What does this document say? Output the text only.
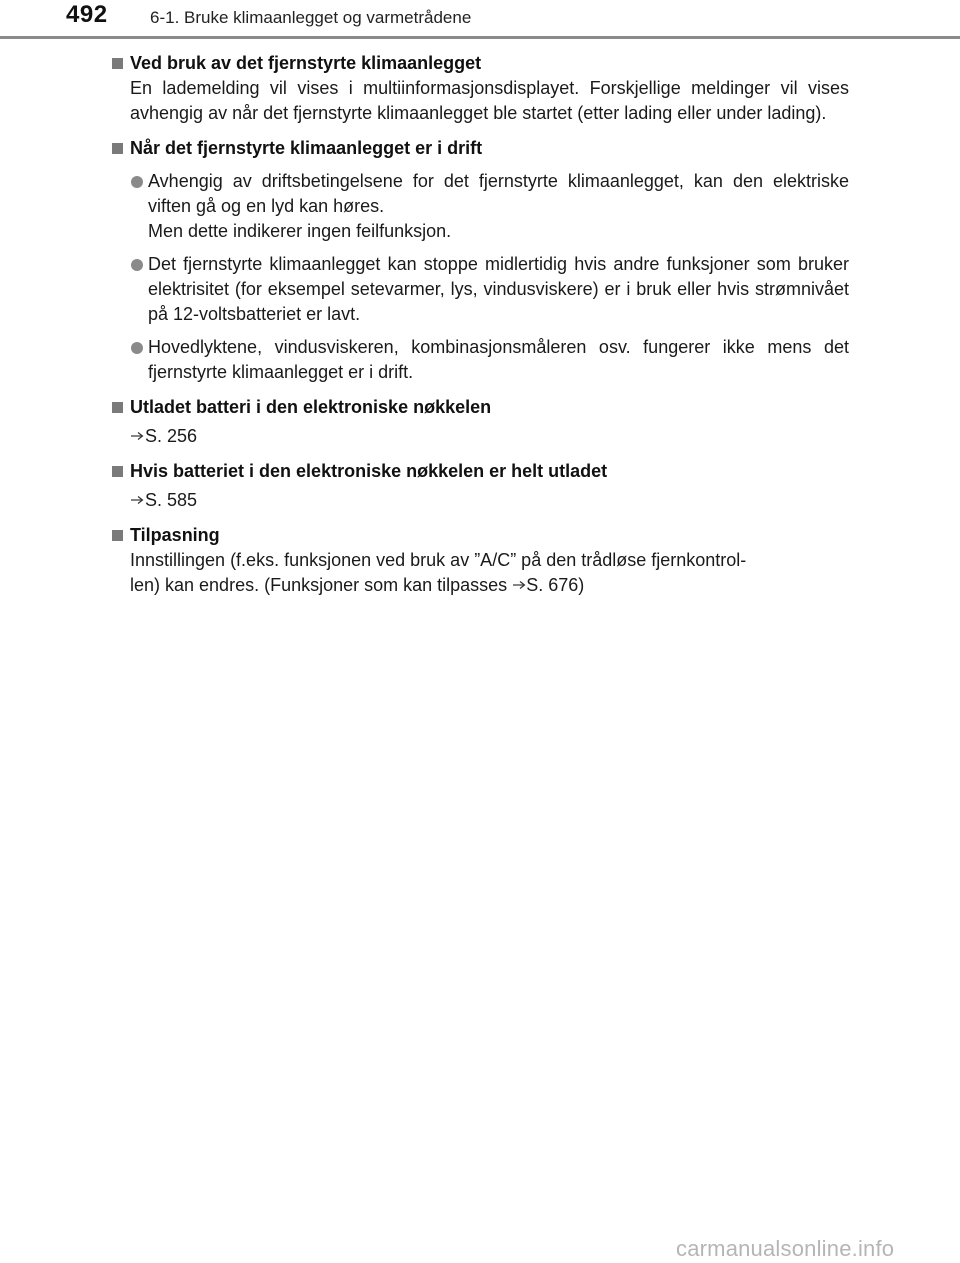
492 6-1. Bruke klimaanlegget og varmetrådene
Ved bruk av det fjernstyrte klimaanlegget
En lademelding vil vises i multiinformasjonsdisplayet. Forskjellige meldinger vil vises avhengig av når det fjernstyrte klimaanlegget ble startet (etter lading eller under lading).
Når det fjernstyrte klimaanlegget er i drift
Avhengig av driftsbetingelsene for det fjernstyrte klimaanlegget, kan den elektriske viften gå og en lyd kan høres.
Men dette indikerer ingen feilfunksjon.
Det fjernstyrte klimaanlegget kan stoppe midlertidig hvis andre funksjoner som bruker elektrisitet (for eksempel setevarmer, lys, vindusviskere) er i bruk eller hvis strømnivået på 12-voltsbatteriet er lavt.
Hovedlyktene, vindusviskeren, kombinasjonsmåleren osv. fungerer ikke mens det fjernstyrte klimaanlegget er i drift.
Utladet batteri i den elektroniske nøkkelen
S. 256
Hvis batteriet i den elektroniske nøkkelen er helt utladet
S. 585
Tilpasning
Innstillingen (f.eks. funksjonen ved bruk av ”A/C” på den trådløse fjernkontrol-
len) kan endres. (Funksjoner som kan tilpasses S. 676)
carmanualsonline.info
